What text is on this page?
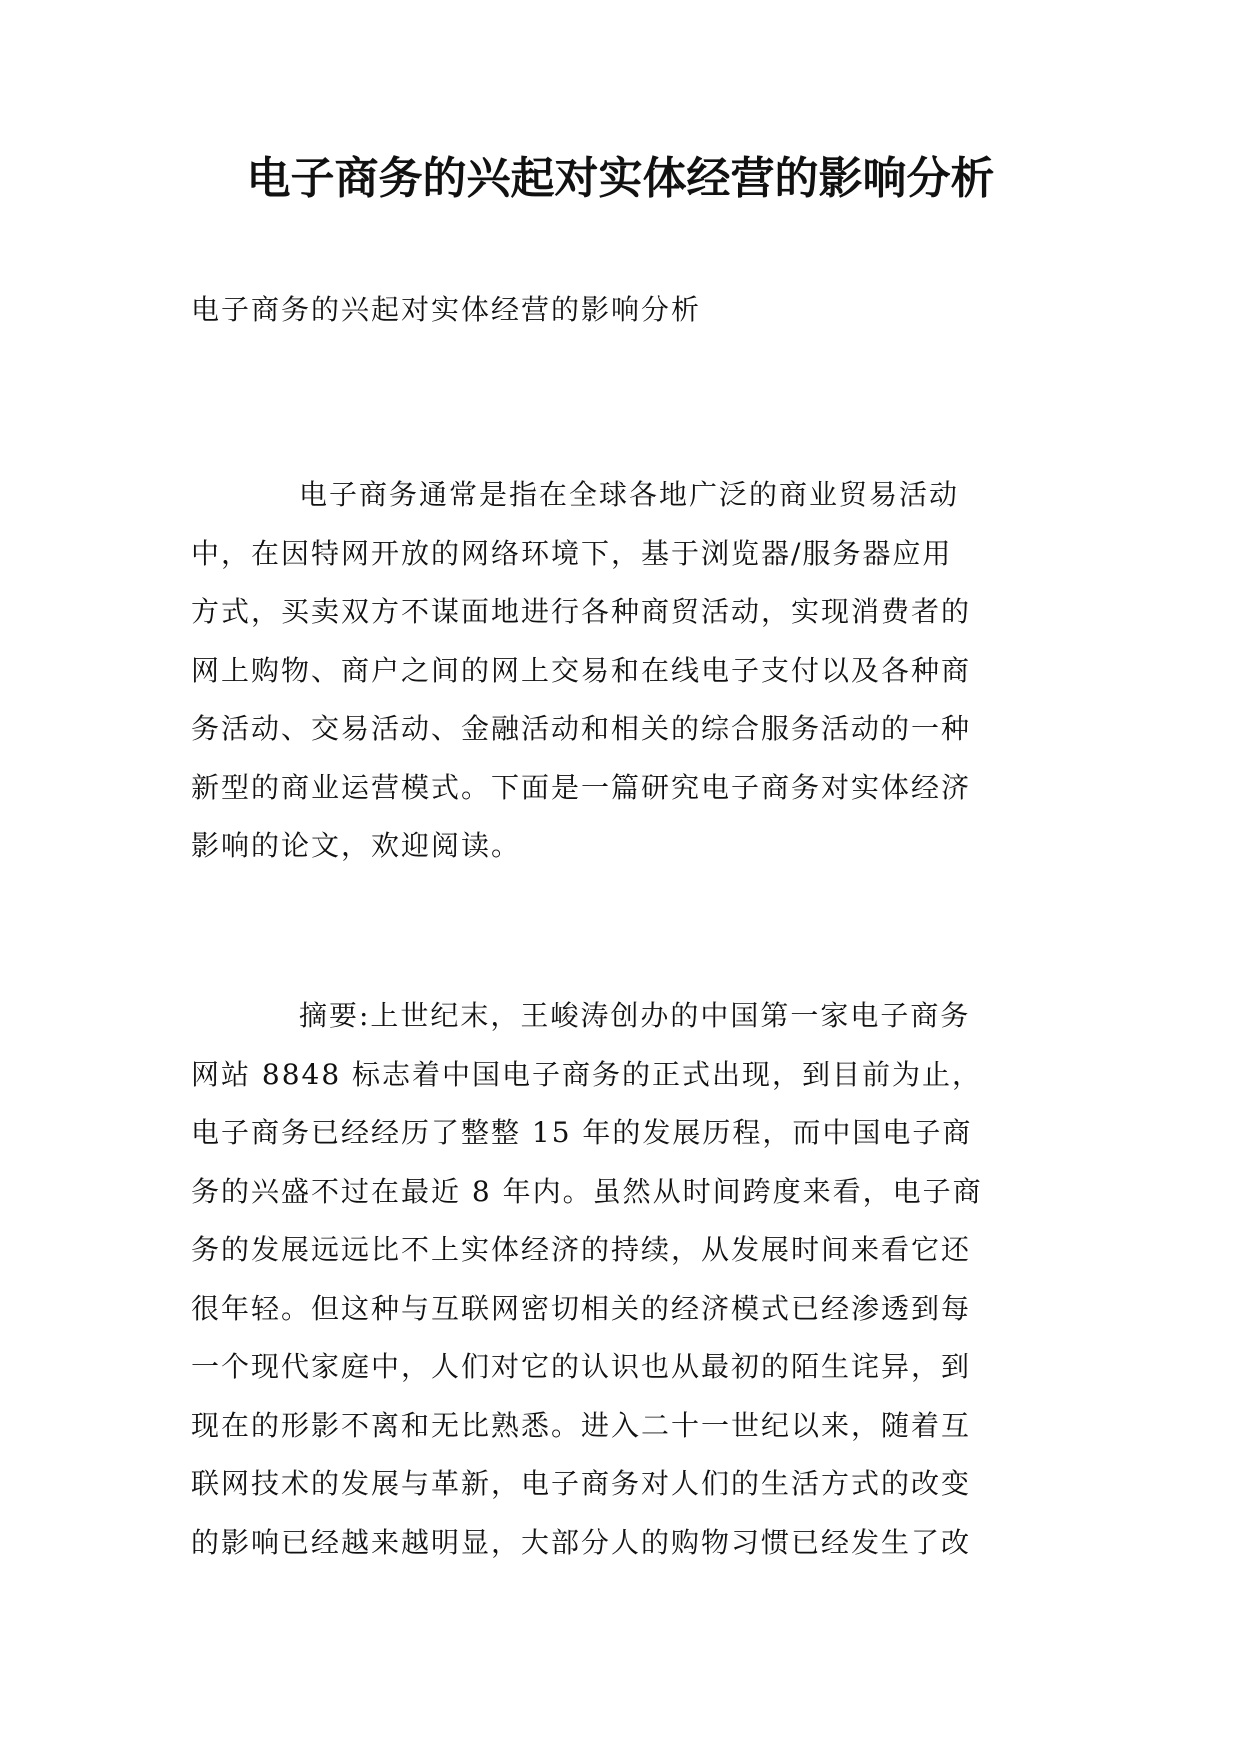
电子商务的兴起对实体经营的影响分析

电子商务的兴起对实体经营的影响分析

电子商务通常是指在全球各地广泛的商业贸易活动
中，在因特网开放的网络环境下，基于浏览器/服务器应用
方式，买卖双方不谋面地进行各种商贸活动，实现消费者的
网上购物、商户之间的网上交易和在线电子支付以及各种商
务活动、交易活动、金融活动和相关的综合服务活动的一种
新型的商业运营模式。下面是一篇研究电子商务对实体经济
影响的论文，欢迎阅读。
摘要:上世纪末，王峻涛创办的中国第一家电子商务
网站 8848 标志着中国电子商务的正式出现，到目前为止，
电子商务已经经历了整整 15 年的发展历程，而中国电子商
务的兴盛不过在最近 8 年内。虽然从时间跨度来看，电子商
务的发展远远比不上实体经济的持续，从发展时间来看它还
很年轻。但这种与互联网密切相关的经济模式已经渗透到每
一个现代家庭中，人们对它的认识也从最初的陌生诧异，到
现在的形影不离和无比熟悉。进入二十一世纪以来，随着互
联网技术的发展与革新，电子商务对人们的生活方式的改变
的影响已经越来越明显，大部分人的购物习惯已经发生了改
